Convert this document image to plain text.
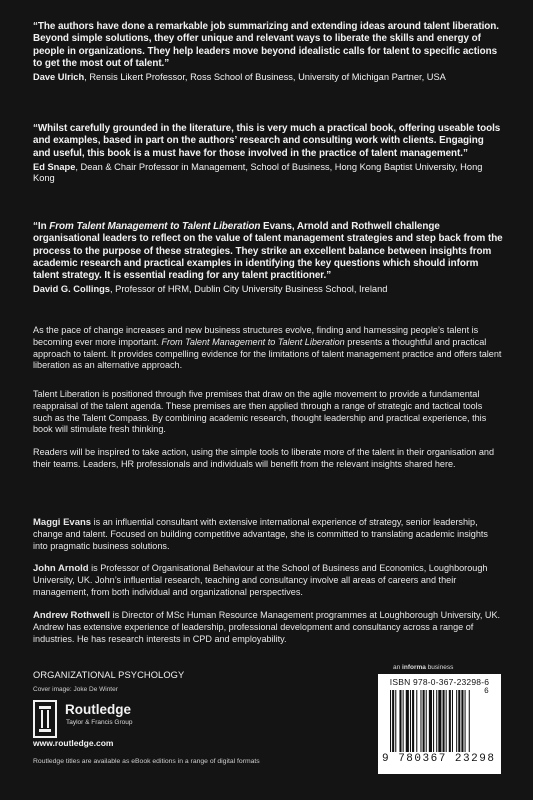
“The authors have done a remarkable job summarizing and extending ideas around talent liberation. Beyond simple solutions, they offer unique and relevant ways to liberate the skills and energy of people in organizations. They help leaders move beyond idealistic calls for talent to specific actions to get the most out of talent.”

Dave Ulrich, Rensis Likert Professor, Ross School of Business, University of Michigan Partner, USA

“Whilst carefully grounded in the literature, this is very much a practical book, offering useable tools and examples, based in part on the authors’ research and consulting work with clients. Engaging and useful, this book is a must have for those involved in the practice of talent management.”

Ed Snape, Dean & Chair Professor in Management, School of Business, Hong Kong Baptist University, Hong Kong

“In From Talent Management to Talent Liberation Evans, Arnold and Rothwell challenge organisational leaders to reflect on the value of talent management strategies and step back from the process to the purpose of these strategies. They strike an excellent balance between insights from academic research and practical examples in identifying the key questions which should inform talent strategy. It is essential reading for any talent practitioner.”

David G. Collings, Professor of HRM, Dublin City University Business School, Ireland

As the pace of change increases and new business structures evolve, finding and harnessing people’s talent is becoming ever more important. From Talent Management to Talent Liberation presents a thoughtful and practical approach to talent. It provides compelling evidence for the limitations of talent management practice and offers talent liberation as an alternative approach.

Talent Liberation is positioned through five premises that draw on the agile movement to provide a fundamental reappraisal of the talent agenda. These premises are then applied through a range of strategic and tactical tools such as the Talent Compass. By combining academic research, thought leadership and practical experience, this book will stimulate fresh thinking.

Readers will be inspired to take action, using the simple tools to liberate more of the talent in their organisation and their teams. Leaders, HR professionals and individuals will benefit from the relevant insights shared here.

Maggi Evans is an influential consultant with extensive international experience of strategy, senior leadership, change and talent. Focused on building competitive advantage, she is committed to translating academic insights into pragmatic business solutions.

John Arnold is Professor of Organisational Behaviour at the School of Business and Economics, Loughborough University, UK. John’s influential research, teaching and consultancy involve all areas of careers and their management, from both individual and organizational perspectives.

Andrew Rothwell is Director of MSc Human Resource Management programmes at Loughborough University, UK. Andrew has extensive experience of leadership, professional development and consultancy across a range of industries. He has research interests in CPD and employability.

ORGANIZATIONAL PSYCHOLOGY
Cover image: Joke De Winter
Routledge
Taylor & Francis Group
www.routledge.com
Routledge titles are available as eBook editions in a range of digital formats
an informa business
ISBN 978-0-367-23298-6
9 780367 23298
6
